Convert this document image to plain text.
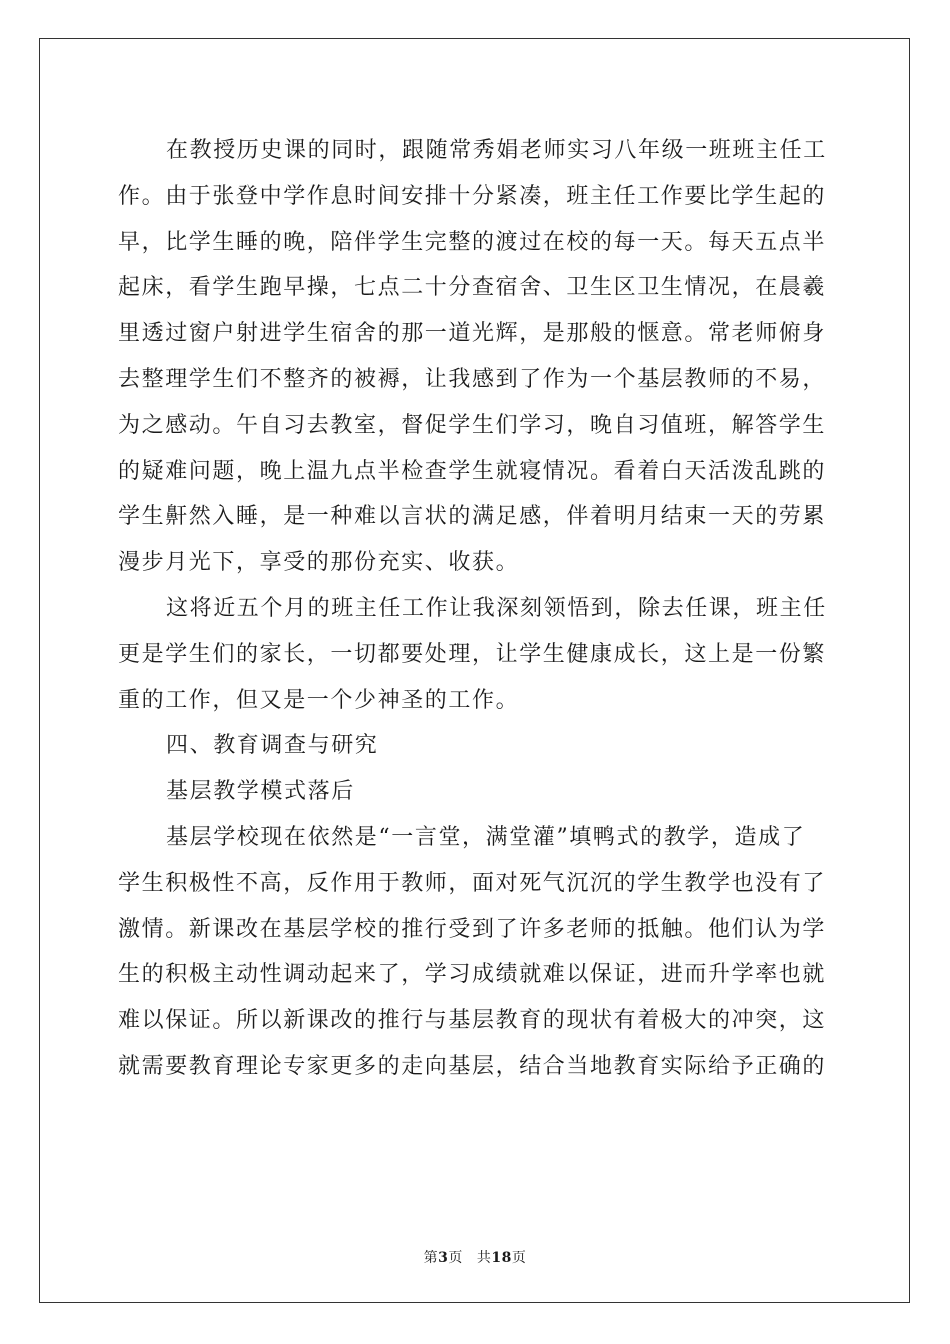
在教授历史课的同时，跟随常秀娟老师实习八年级一班班主任工
作。由于张登中学作息时间安排十分紧凑，班主任工作要比学生起的
早，比学生睡的晚，陪伴学生完整的渡过在校的每一天。每天五点半
起床，看学生跑早操，七点二十分查宿舍、卫生区卫生情况，在晨羲
里透过窗户射进学生宿舍的那一道光辉，是那般的惬意。常老师俯身
去整理学生们不整齐的被褥，让我感到了作为一个基层教师的不易，
为之感动。午自习去教室，督促学生们学习，晚自习值班，解答学生
的疑难问题，晚上温九点半检查学生就寝情况。看着白天活泼乱跳的
学生鼾然入睡，是一种难以言状的满足感，伴着明月结束一天的劳累
漫步月光下，享受的那份充实、收获。
这将近五个月的班主任工作让我深刻领悟到，除去任课，班主任
更是学生们的家长，一切都要处理，让学生健康成长，这上是一份繁
重的工作，但又是一个少神圣的工作。
四、教育调查与研究
基层教学模式落后
基层学校现在依然是“一言堂，满堂灌”填鸭式的教学，造成了
学生积极性不高，反作用于教师，面对死气沉沉的学生教学也没有了
激情。新课改在基层学校的推行受到了许多老师的抵触。他们认为学
生的积极主动性调动起来了，学习成绩就难以保证，进而升学率也就
难以保证。所以新课改的推行与基层教育的现状有着极大的冲突，这
就需要教育理论专家更多的走向基层，结合当地教育实际给予正确的
第3页 共18页
